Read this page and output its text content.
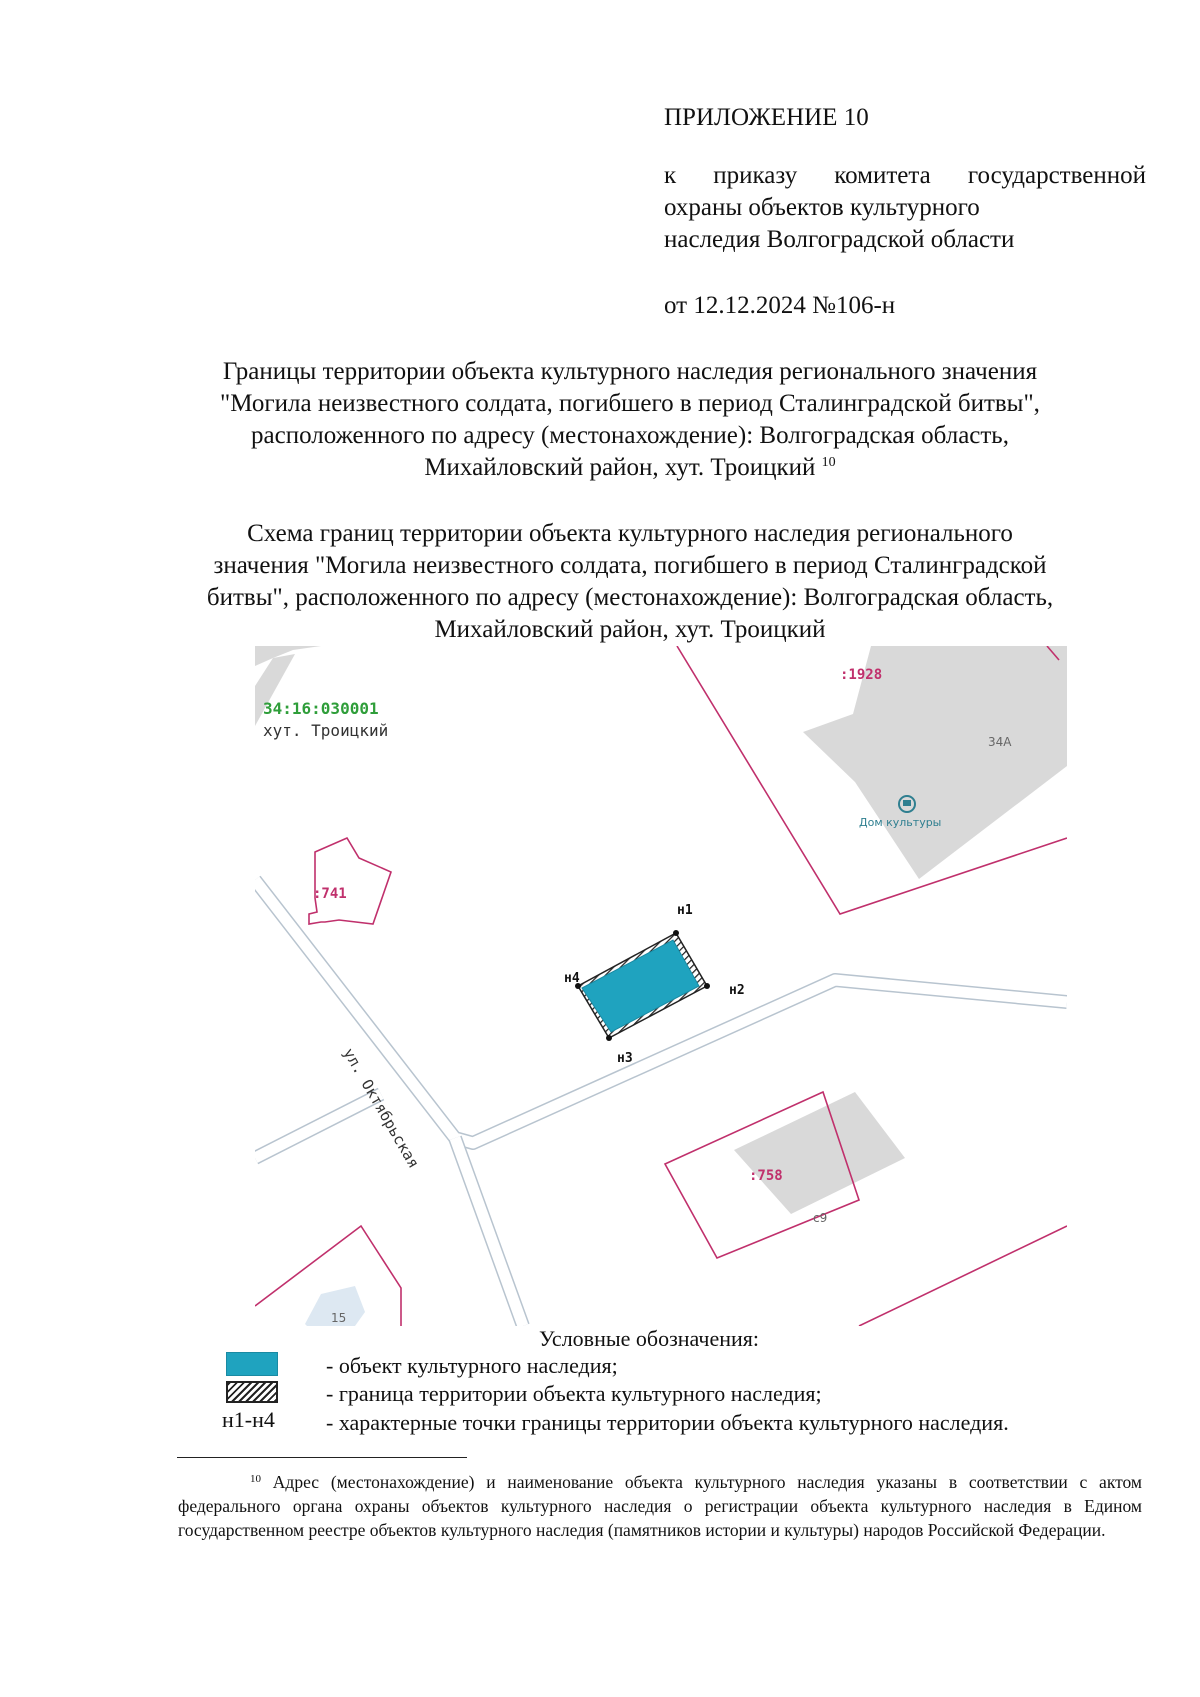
ПРИЛОЖЕНИЕ 10
к приказу комитета государственной
охраны объектов культурного
наследия Волгоградской области
от 12.12.2024 №106-н
Границы территории объекта культурного наследия регионального значения
"Могила неизвестного солдата, погибшего в период Сталинградской битвы",
расположенного по адресу (местонахождение): Волгоградская область,
Михайловский район, хут. Троицкий $^{10}$
Схема границ территории объекта культурного наследия регионального
значения "Могила неизвестного солдата, погибшего в период Сталинградской
битвы", расположенного по адресу (местонахождение): Волгоградская область,
Михайловский район, хут. Троицкий
34:16:030001
хут. Троицкий
:1928
:741
:758
34А
с9
15
Дом культуры
ул. Октябрьская
н1
н2
н3
н4
Условные обозначения:
н1-н4
- объект культурного наследия;
- граница территории объекта культурного наследия;
- характерные точки границы территории объекта культурного наследия.
$^{10}$ Адрес (местонахождение) и наименование объекта культурного наследия указаны в соответствии с актом федерального органа охраны объектов культурного наследия о регистрации объекта культурного наследия в Едином государственном реестре объектов культурного наследия (памятников истории и культуры) народов Российской Федерации.
